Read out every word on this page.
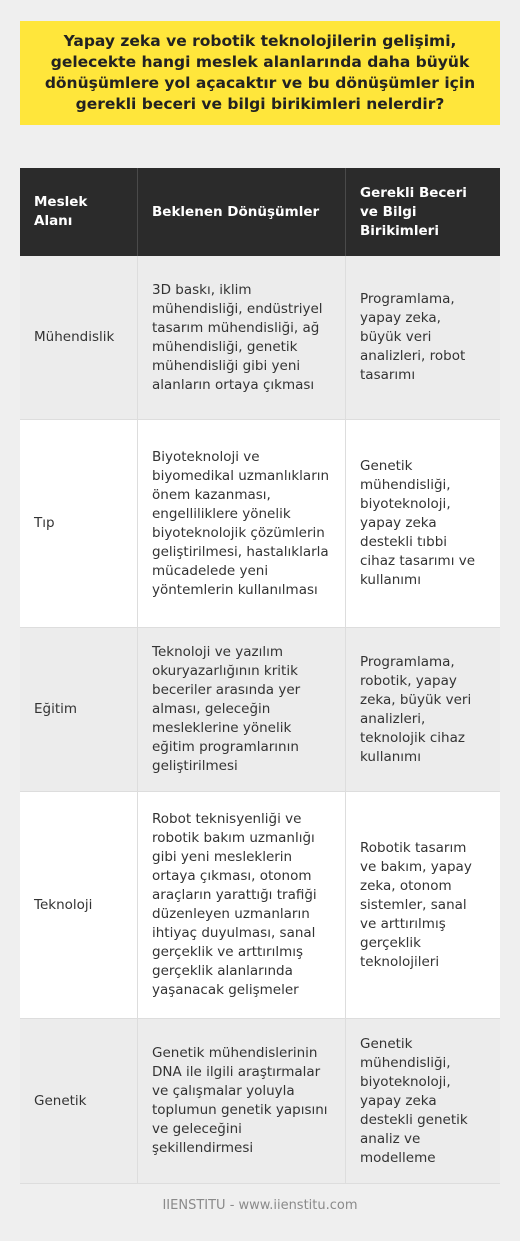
Yapay zeka ve robotik teknolojilerin gelişimi, gelecekte hangi meslek alanlarında daha büyük dönüşümlere yol açacaktır ve bu dönüşümler için gerekli beceri ve bilgi birikimleri nelerdir?

Meslek Alanı	Beklenen Dönüşümler	Gerekli Beceri ve Bilgi Birikimleri
Mühendislik	3D baskı, iklim mühendisliği, endüstriyel tasarım mühendisliği, ağ mühendisliği, genetik mühendisliği gibi yeni alanların ortaya çıkması	Programlama, yapay zeka, büyük veri analizleri, robot tasarımı
Tıp	Biyoteknoloji ve biyomedikal uzmanlıkların önem kazanması, engelliliklere yönelik biyoteknolojik çözümlerin geliştirilmesi, hastalıklarla mücadelede yeni yöntemlerin kullanılması	Genetik mühendisliği, biyoteknoloji, yapay zeka destekli tıbbi cihaz tasarımı ve kullanımı
Eğitim	Teknoloji ve yazılım okuryazarlığının kritik beceriler arasında yer alması, geleceğin mesleklerine yönelik eğitim programlarının geliştirilmesi	Programlama, robotik, yapay zeka, büyük veri analizleri, teknolojik cihaz kullanımı
Teknoloji	Robot teknisyenliği ve robotik bakım uzmanlığı gibi yeni mesleklerin ortaya çıkması, otonom araçların yarattığı trafiği düzenleyen uzmanların ihtiyaç duyulması, sanal gerçeklik ve arttırılmış gerçeklik alanlarında yaşanacak gelişmeler	Robotik tasarım ve bakım, yapay zeka, otonom sistemler, sanal ve arttırılmış gerçeklik teknolojileri
Genetik	Genetik mühendislerinin DNA ile ilgili araştırmalar ve çalışmalar yoluyla toplumun genetik yapısını ve geleceğini şekillendirmesi	Genetik mühendisliği, biyoteknoloji, yapay zeka destekli genetik analiz ve modelleme
IIENSTITU - www.iienstitu.com
